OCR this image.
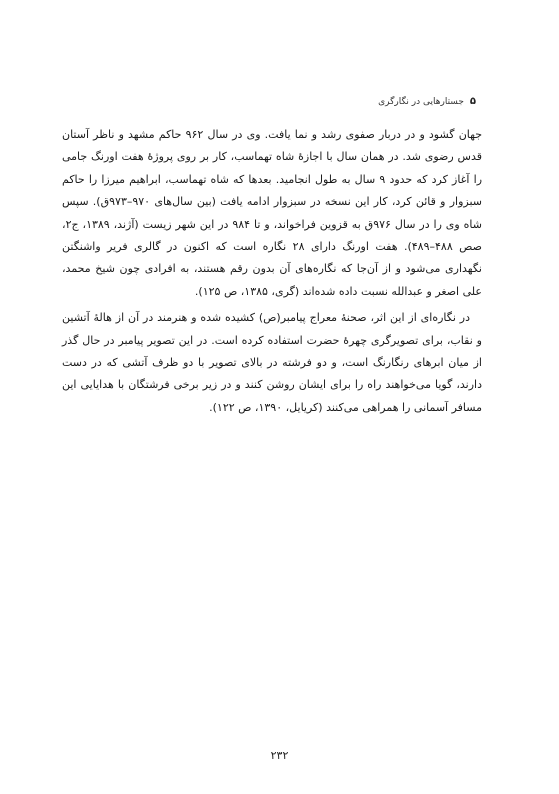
۵
جستارهایی در نگارگری

جهان گشود و در دربار صفوی رشد و نما یافت. وی در سال ۹۶۲ حاکم مشهد و ناظر آستان قدس رضوی شد. در همان سال با اجازهٔ شاه تهماسب، کار بر روی پروژهٔ هفت اورنگ جامی را آغاز کرد که حدود ۹ سال به طول انجامید. بعدها که شاه تهماسب، ابراهیم میرزا را حاکم سبزوار و قائن کرد، کار این نسخه در سبزوار ادامه یافت (بین سال‌های ۹۷۰–۹۷۳ق). سپس شاه وی را در سال ۹۷۶ق به قزوین فراخواند، و تا ۹۸۴ در این شهر زیست (آژند، ۱۳۸۹، ج۲، صص ۴۸۸–۴۸۹). هفت اورنگ دارای ۲۸ نگاره است که اکنون در گالری فریر واشنگتن نگهداری می‌شود و از آن‌جا که نگاره‌های آن بدون رقم هستند، به افرادی چون شیخ محمد، علی اصغر و عبدالله نسبت داده شده‌اند (گری، ۱۳۸۵، ص ۱۲۵).

در نگاره‌ای از این اثر، صحنهٔ معراج پیامبر(ص) کشیده شده و هنرمند در آن از هالهٔ آتشین و نقاب، برای تصویرگری چهرهٔ حضرت استفاده کرده است. در این تصویر پیامبر در حال گذر از میان ابرهای رنگارنگ است، و دو فرشته در بالای تصویر با دو ظرف آتشی که در دست دارند، گویا می‌خواهند راه را برای ایشان روشن کنند و در زیر برخی فرشتگان با هدایایی این مسافر آسمانی را همراهی می‌کنند (کریایل، ۱۳۹۰، ص ۱۲۲).

۲۳۲
